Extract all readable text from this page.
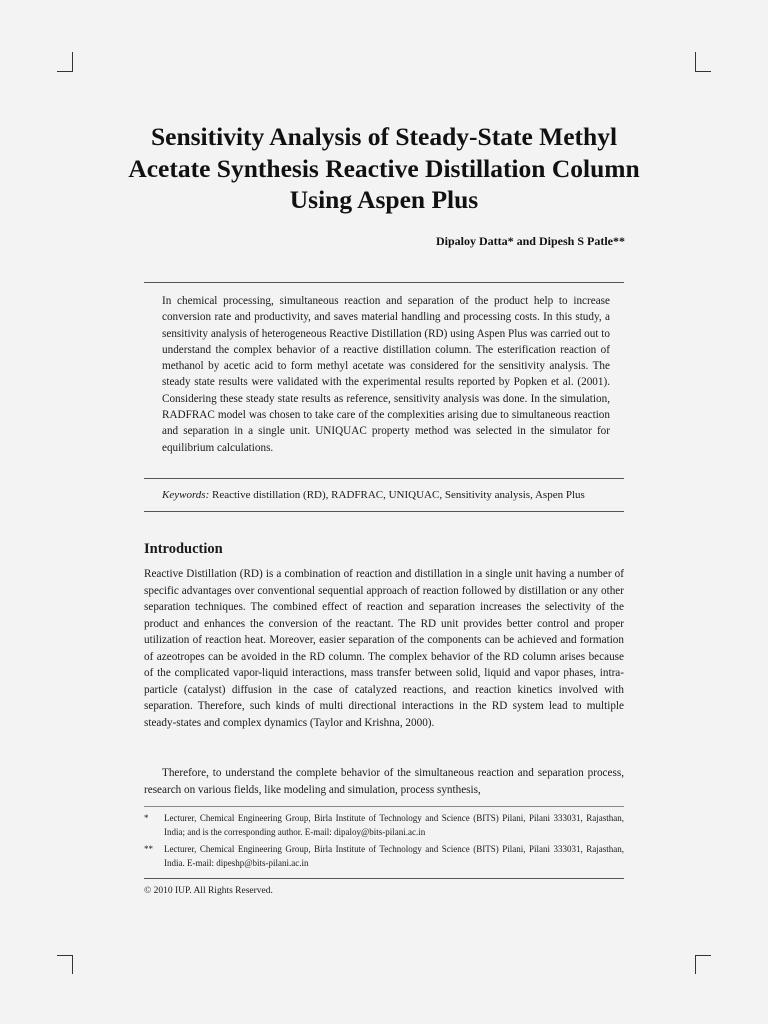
Sensitivity Analysis of Steady-State Methyl Acetate Synthesis Reactive Distillation Column Using Aspen Plus
Dipaloy Datta* and Dipesh S Patle**

In chemical processing, simultaneous reaction and separation of the product help to increase conversion rate and productivity, and saves material handling and processing costs. In this study, a sensitivity analysis of heterogeneous Reactive Distillation (RD) using Aspen Plus was carried out to understand the complex behavior of a reactive distillation column. The esterification reaction of methanol by acetic acid to form methyl acetate was considered for the sensitivity analysis. The steady state results were validated with the experimental results reported by Popken et al. (2001). Considering these steady state results as reference, sensitivity analysis was done. In the simulation, RADFRAC model was chosen to take care of the complexities arising due to simultaneous reaction and separation in a single unit. UNIQUAC property method was selected in the simulator for equilibrium calculations.

Keywords: Reactive distillation (RD), RADFRAC, UNIQUAC, Sensitivity analysis, Aspen Plus
Introduction

Reactive Distillation (RD) is a combination of reaction and distillation in a single unit having a number of specific advantages over conventional sequential approach of reaction followed by distillation or any other separation techniques. The combined effect of reaction and separation increases the selectivity of the product and enhances the conversion of the reactant. The RD unit provides better control and proper utilization of reaction heat. Moreover, easier separation of the components can be achieved and formation of azeotropes can be avoided in the RD column. The complex behavior of the RD column arises because of the complicated vapor-liquid interactions, mass transfer between solid, liquid and vapor phases, intra-particle (catalyst) diffusion in the case of catalyzed reactions, and reaction kinetics involved with separation. Therefore, such kinds of multi directional interactions in the RD system lead to multiple steady-states and complex dynamics (Taylor and Krishna, 2000).

Therefore, to understand the complete behavior of the simultaneous reaction and separation process, research on various fields, like modeling and simulation, process synthesis,

* Lecturer, Chemical Engineering Group, Birla Institute of Technology and Science (BITS) Pilani, Pilani 333031, Rajasthan, India; and is the corresponding author. E-mail: dipaloy@bits-pilani.ac.in
** Lecturer, Chemical Engineering Group, Birla Institute of Technology and Science (BITS) Pilani, Pilani 333031, Rajasthan, India. E-mail: dipeshp@bits-pilani.ac.in
© 2010 IUP. All Rights Reserved.
